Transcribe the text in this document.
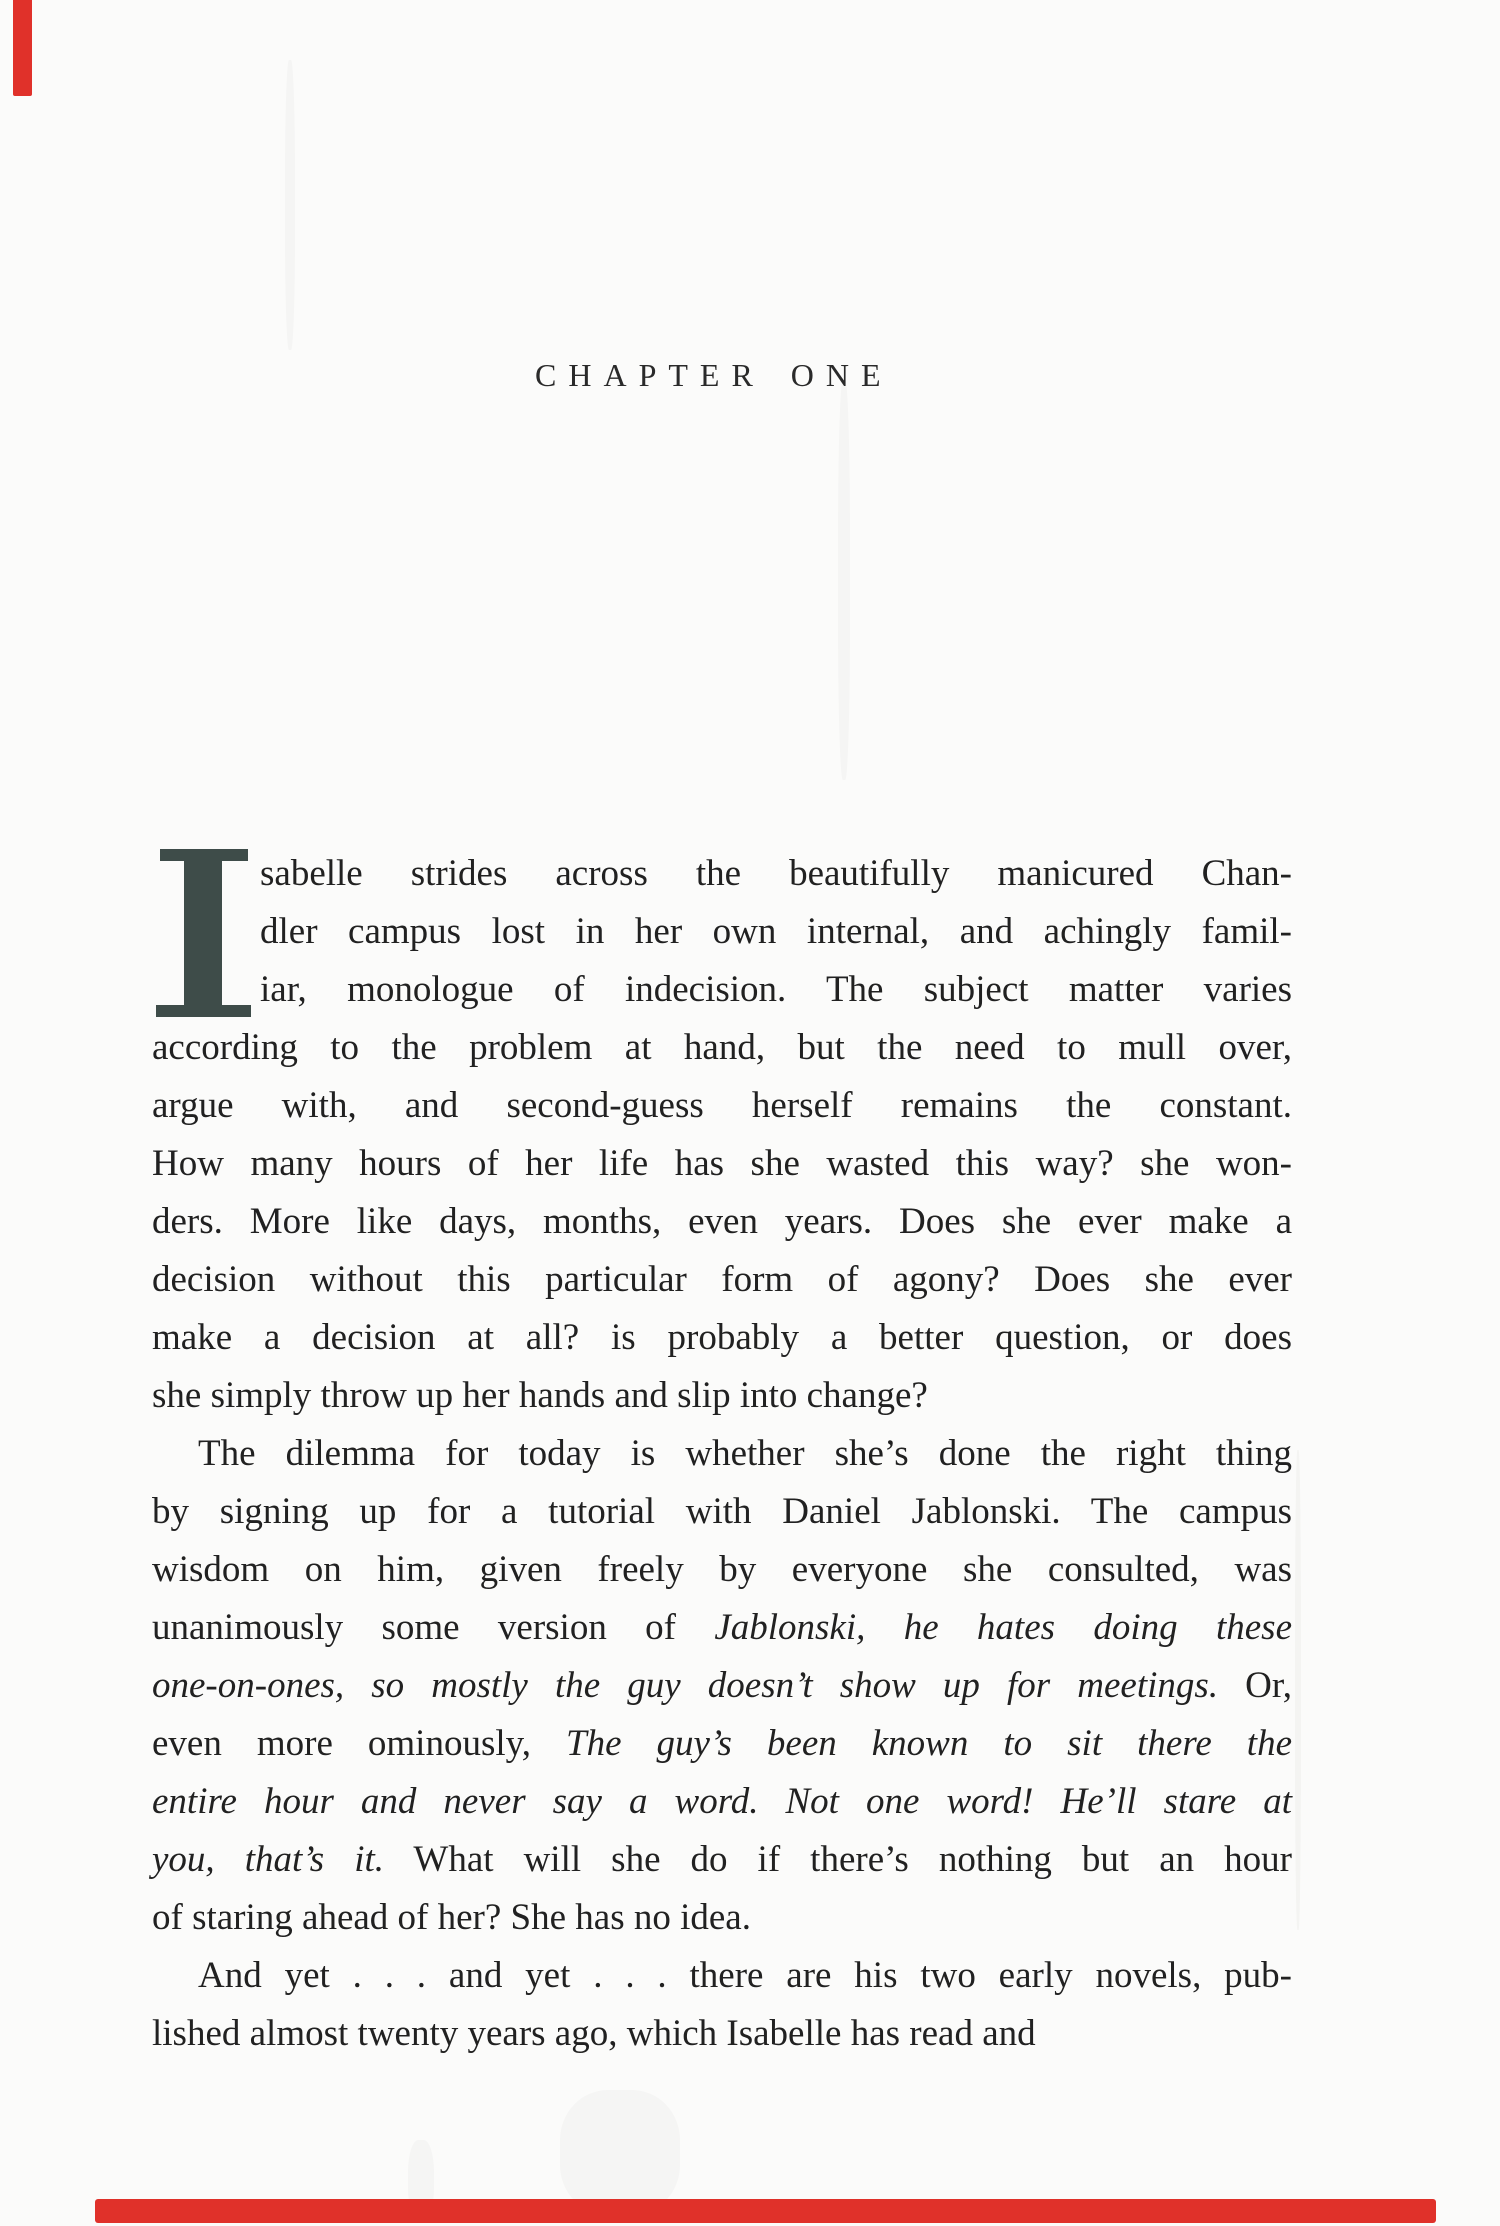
CHAPTER ONE
sabelle strides across the beautifully manicured Chan-
dler campus lost in her own internal, and achingly famil-
iar, monologue of indecision. The subject matter varies
according to the problem at hand, but the need to mull over,
argue with, and second-guess herself remains the constant.
How many hours of her life has she wasted this way? she won-
ders. More like days, months, even years. Does she ever make a
decision without this particular form of agony? Does she ever
make a decision at all? is probably a better question, or does
she simply throw up her hands and slip into change?
The dilemma for today is whether she’s done the right thing
by signing up for a tutorial with Daniel Jablonski. The campus
wisdom on him, given freely by everyone she consulted, was
unanimously some version of Jablonski, he hates doing these
one-on-ones, so mostly the guy doesn’t show up for meetings. Or,
even more ominously, The guy’s been known to sit there the
entire hour and never say a word. Not one word! He’ll stare at
you, that’s it. What will she do if there’s nothing but an hour
of staring ahead of her? She has no idea.
And yet . . . and yet . . . there are his two early novels, pub-
lished almost twenty years ago, which Isabelle has read and
